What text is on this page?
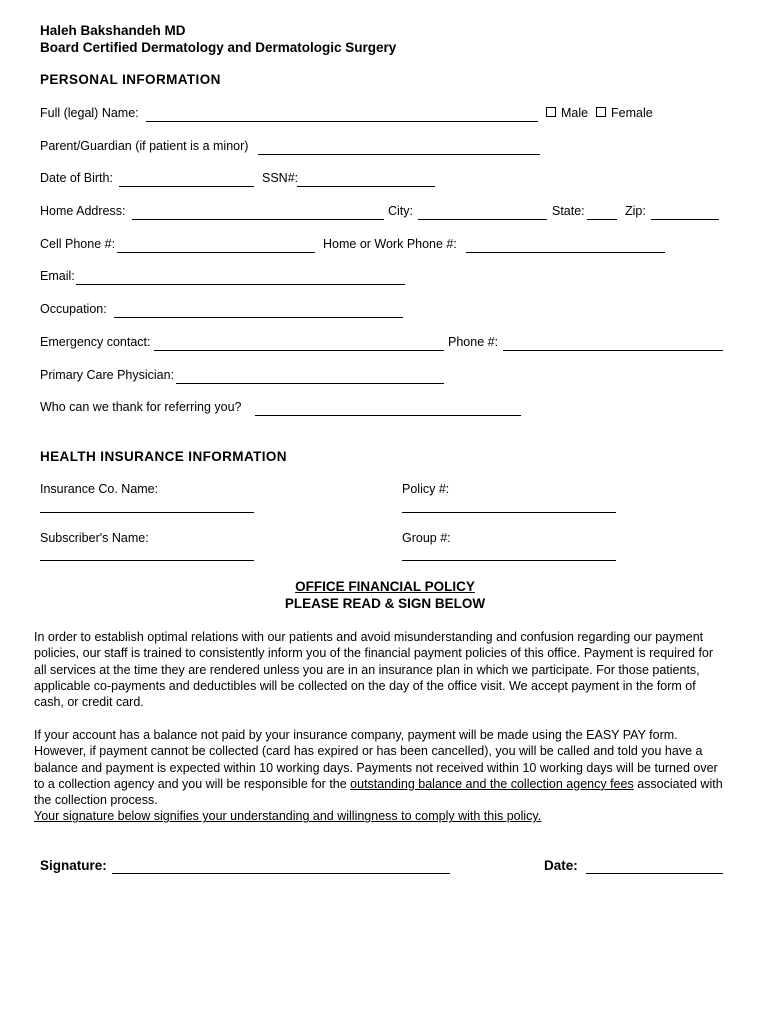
Haleh Bakshandeh MD
Board Certified Dermatology and Dermatologic Surgery
PERSONAL INFORMATION
Full (legal) Name:	Male	Female
Parent/Guardian (if patient is a minor)
Date of Birth:	SSN#:
Home Address:	City:	State:	Zip:
Cell Phone #:	Home or Work Phone #:
Email:
Occupation:
Emergency contact:	Phone #:
Primary Care Physician:
Who can we thank for referring you?
HEALTH INSURANCE INFORMATION
Insurance Co. Name:	Policy #:
Subscriber's Name:	Group #:
OFFICE FINANCIAL POLICY
PLEASE READ & SIGN BELOW
In order to establish optimal relations with our patients and avoid misunderstanding and confusion regarding our payment policies, our staff is trained to consistently inform you of the financial payment policies of this office. Payment is required for all services at the time they are rendered unless you are in an insurance plan in which we participate. For those patients, applicable co-payments and deductibles will be collected on the day of the office visit. We accept payment in the form of cash, or credit card.
If your account has a balance not paid by your insurance company, payment will be made using the EASY PAY form. However, if payment cannot be collected (card has expired or has been cancelled), you will be called and told you have a balance and payment is expected within 10 working days. Payments not received within 10 working days will be turned over to a collection agency and you will be responsible for the outstanding balance and the collection agency fees associated with the collection process.
Your signature below signifies your understanding and willingness to comply with this policy.
Signature:	Date:
